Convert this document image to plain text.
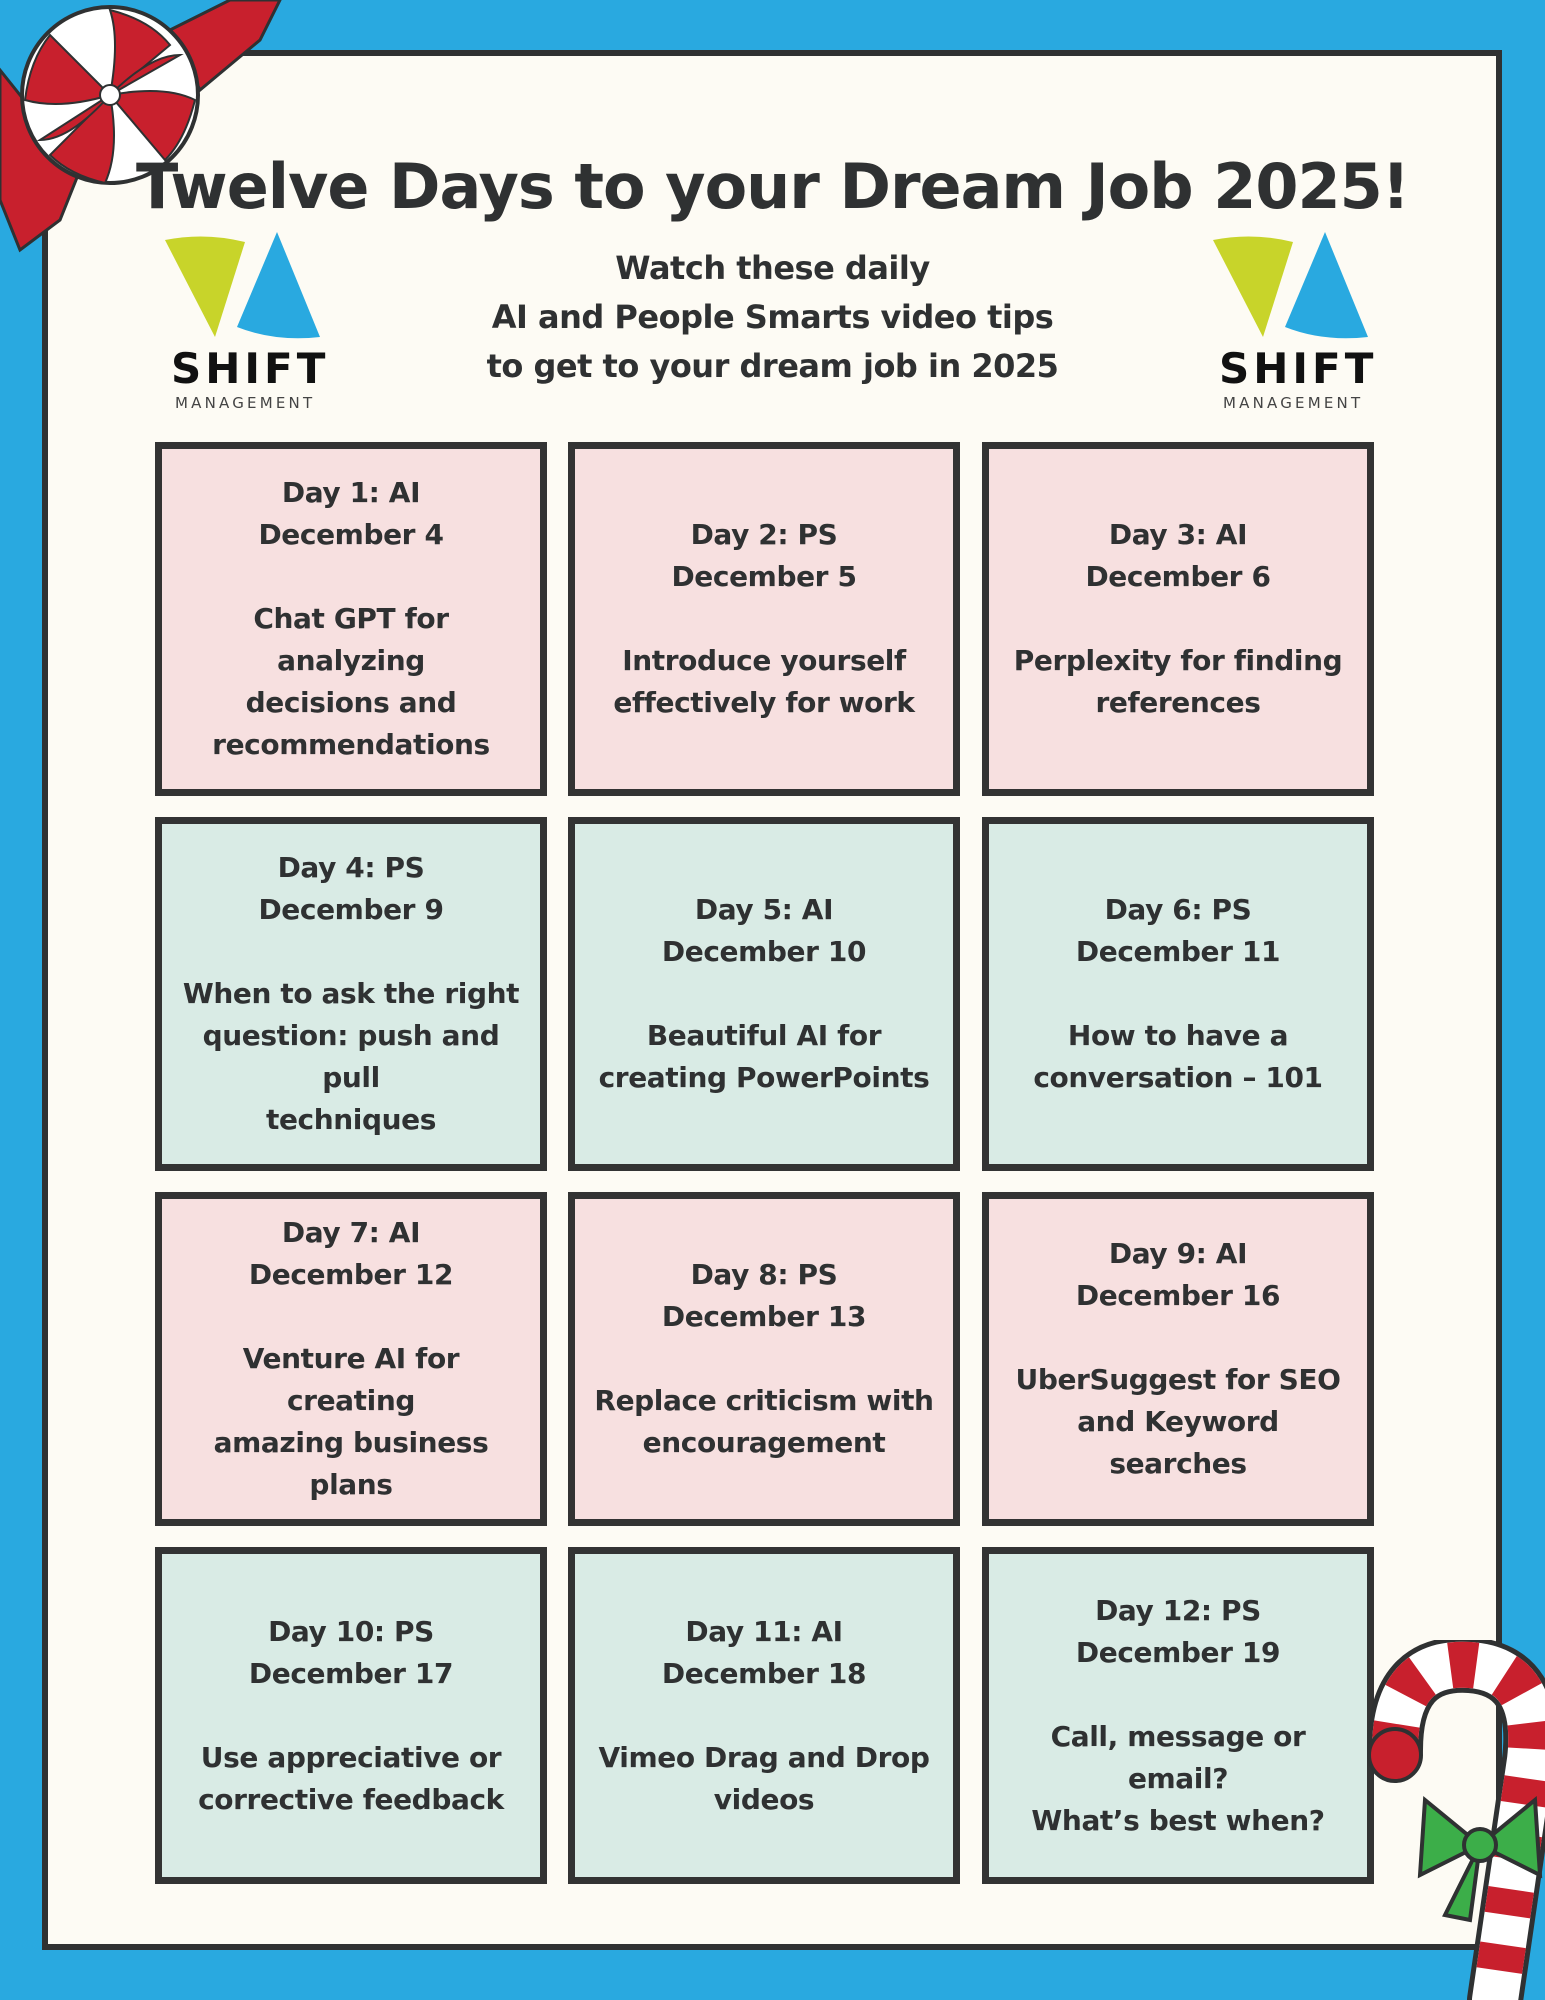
Twelve Days to your Dream Job 2025!
Watch these daily
AI and People Smarts video tips
to get to your dream job in 2025
SHIFT
MANAGEMENT
SHIFT
MANAGEMENT
Day 1: AI
December 4
Chat GPT for analyzing
decisions and
recommendations
Day 2: PS
December 5
Introduce yourself
effectively for work
Day 3: AI
December 6
Perplexity for finding
references
Day 4: PS
December 9
When to ask the right
question: push and pull
techniques
Day 5: AI
December 10
Beautiful AI for
creating PowerPoints
Day 6: PS
December 11
How to have a
conversation – 101
Day 7: AI
December 12
Venture AI for creating
amazing business plans
Day 8: PS
December 13
Replace criticism with
encouragement
Day 9: AI
December 16
UberSuggest for SEO
and Keyword searches
Day 10: PS
December 17
Use appreciative or
corrective feedback
Day 11: AI
December 18
Vimeo Drag and Drop
videos
Day 12: PS
December 19
Call, message or email?
What’s best when?
